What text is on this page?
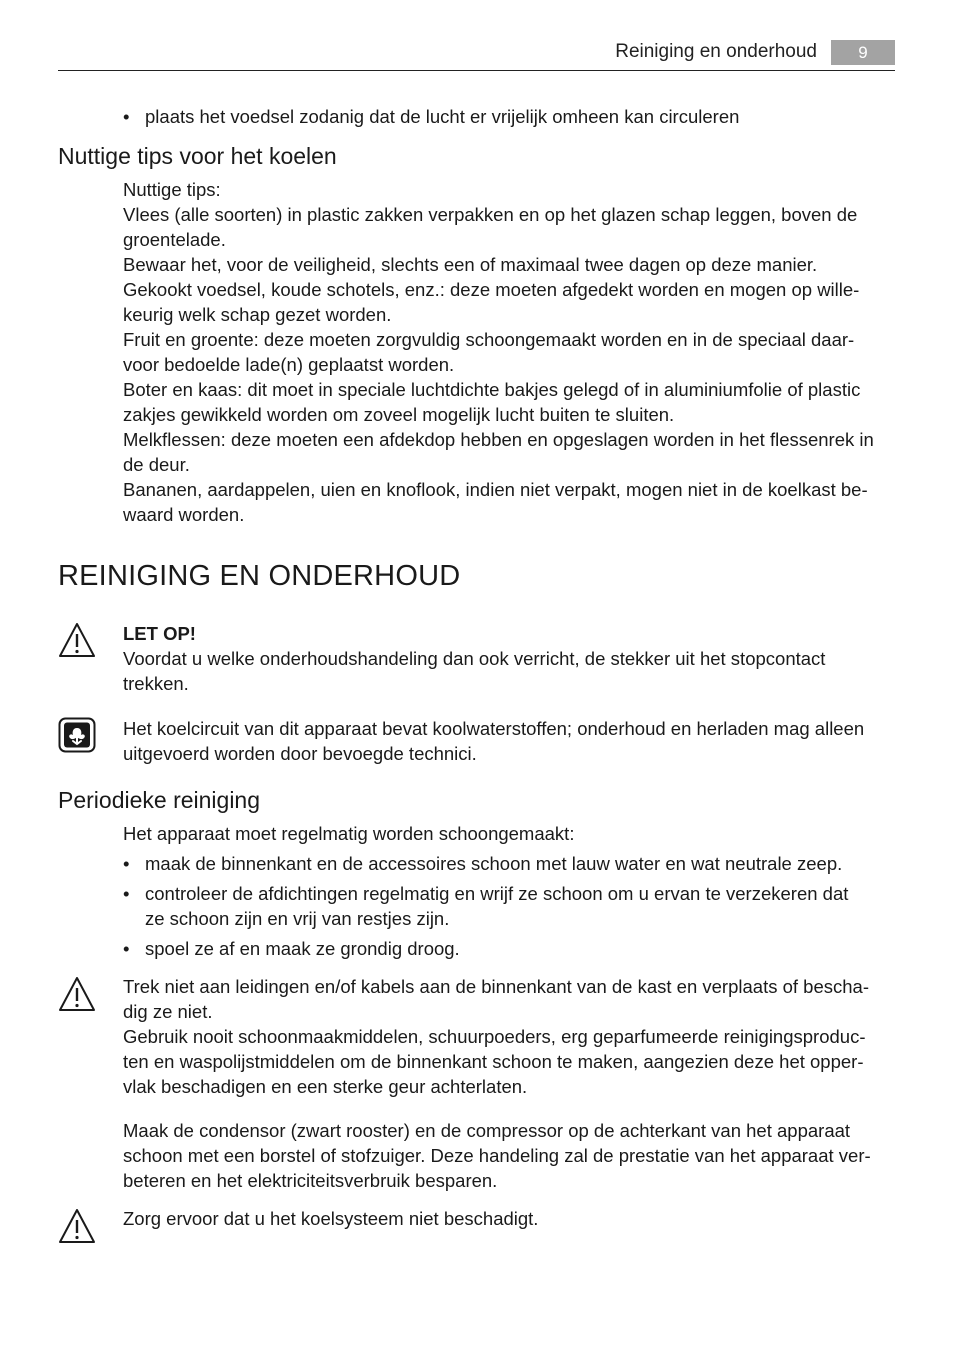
Reiniging en onderhoud	9
• plaats het voedsel zodanig dat de lucht er vrijelijk omheen kan circuleren
Nuttige tips voor het koelen

Nuttige tips:

Vlees (alle soorten) in plastic zakken verpakken en op het glazen schap leggen, boven de

groentelade.

Bewaar het, voor de veiligheid, slechts een of maximaal twee dagen op deze manier.

Gekookt voedsel, koude schotels, enz.: deze moeten afgedekt worden en mogen op wille-

keurig welk schap gezet worden.

Fruit en groente: deze moeten zorgvuldig schoongemaakt worden en in de speciaal daar-

voor bedoelde lade(n) geplaatst worden.

Boter en kaas: dit moet in speciale luchtdichte bakjes gelegd of in aluminiumfolie of plastic

zakjes gewikkeld worden om zoveel mogelijk lucht buiten te sluiten.

Melkflessen: deze moeten een afdekdop hebben en opgeslagen worden in het flessenrek in

de deur.

Bananen, aardappelen, uien en knoflook, indien niet verpakt, mogen niet in de koelkast be-

waard worden.

REINIGING EN ONDERHOUD

LET OP!

Voordat u welke onderhoudshandeling dan ook verricht, de stekker uit het stopcontact

trekken.

Het koelcircuit van dit apparaat bevat koolwaterstoffen; onderhoud en herladen mag alleen

uitgevoerd worden door bevoegde technici.

Periodieke reiniging
Het apparaat moet regelmatig worden schoongemaakt:
• maak de binnenkant en de accessoires schoon met lauw water en wat neutrale zeep.
• controleer de afdichtingen regelmatig en wrijf ze schoon om u ervan te verzekeren dat
ze schoon zijn en vrij van restjes zijn.
• spoel ze af en maak ze grondig droog.

Trek niet aan leidingen en/of kabels aan de binnenkant van de kast en verplaats of bescha-

dig ze niet.

Gebruik nooit schoonmaakmiddelen, schuurpoeders, erg geparfumeerde reinigingsproduc-

ten en waspolijstmiddelen om de binnenkant schoon te maken, aangezien deze het opper-

vlak beschadigen en een sterke geur achterlaten.

Maak de condensor (zwart rooster) en de compressor op de achterkant van het apparaat

schoon met een borstel of stofzuiger. Deze handeling zal de prestatie van het apparaat ver-

beteren en het elektriciteitsverbruik besparen.

Zorg ervoor dat u het koelsysteem niet beschadigt.
